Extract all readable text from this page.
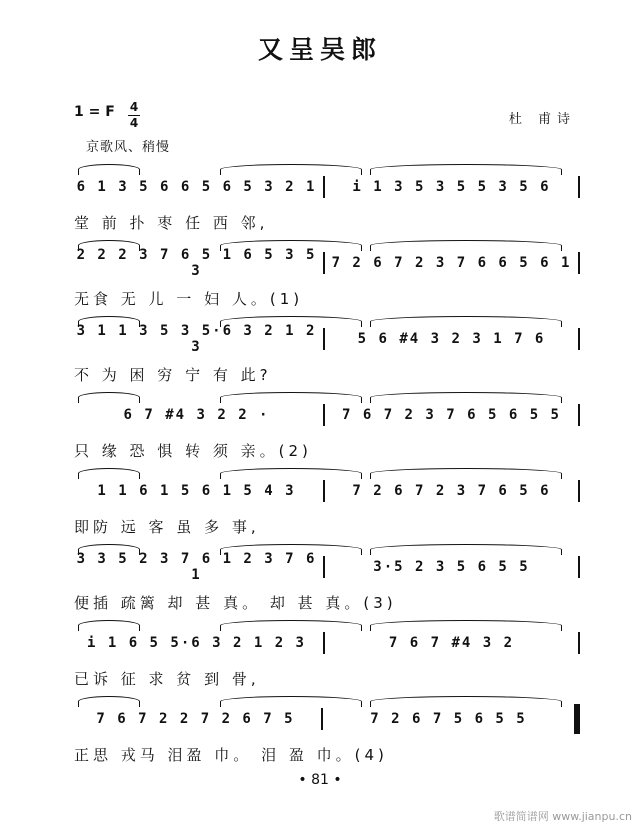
又呈吴郎
1 = F 4
4	杜 甫诗
京歌风、稍慢
6 1 3 5 6 6 5 6 5 3 2 1	i 1 3 5 3 5 5 3 5 6
堂 前 扑 枣 任 西 邻,
2 2 2 3 7 6 5 1 6 5 3 5 3	7 2 6 7 2 3 7 6 6 5 6 1
无食 无 儿 一 妇 人。(1)
3 1 1 3 5 3 5·6 3 2 1 2 3	5 6 #4 3 2 3 1 7 6
不 为 困 穷 宁 有 此?
6 7 #4 3 2 2 ·	7 6 7 2 3 7 6 5 6 5 5
只 缘 恐 惧 转 须 亲。(2)
1 1 6 1 5 6 1 5 4 3	7 2 6 7 2 3 7 6 5 6
即防 远 客 虽 多 事,
3 3 5 2 3 7 6 1 2 3 7 6 1	3·5 2 3 5 6 5 5
便插 疏篱 却 甚 真。 却 甚 真。(3)
i 1 6 5 5·6 3 2 1 2 3	7 6 7 #4 3 2
已诉 征 求 贫 到 骨,
7 6 7 2 2 7 2 6 7 5	7 2 6 7 5 6 5 5
正思 戎马 泪盈 巾。 泪 盈 巾。(4)
• 81 •
歌谱简谱网 www.jianpu.cn
